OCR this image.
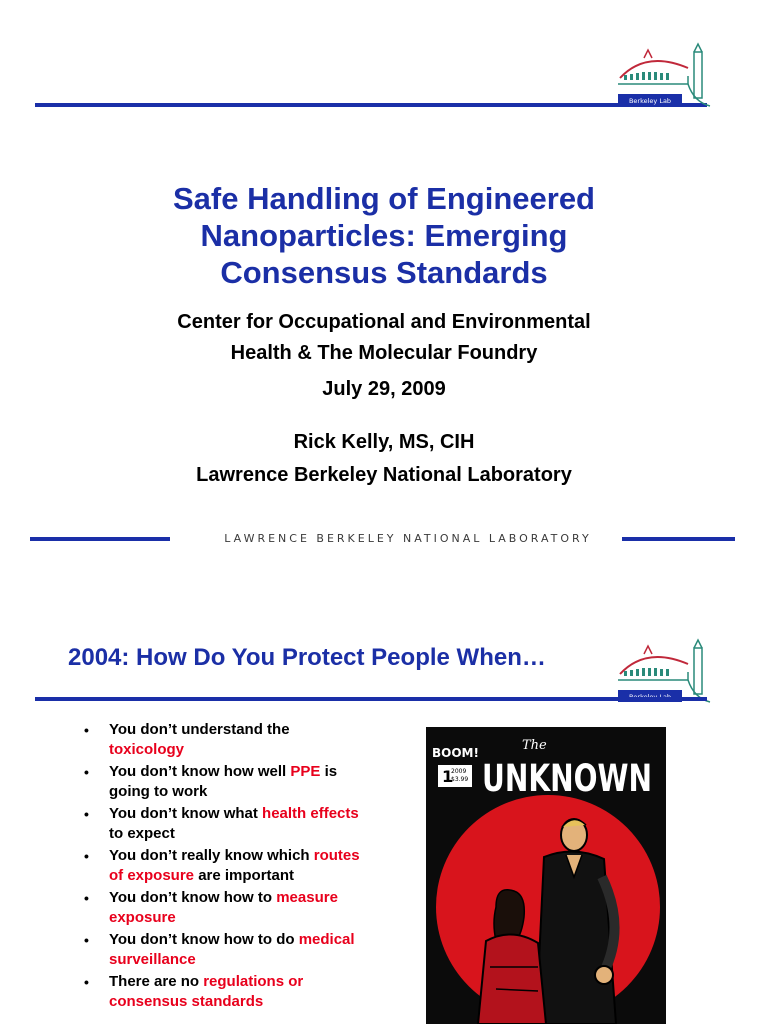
Berkeley Lab
Safe Handling of Engineered
Nanoparticles: Emerging
Consensus Standards
Center for Occupational and Environmental
Health & The Molecular Foundry
July 29, 2009
Rick Kelly, MS, CIH
Lawrence Berkeley National Laboratory
LAWRENCE BERKELEY NATIONAL LABORATORY
2004: How Do You Protect People When…
• You don’t understand the toxicology
• You don’t know how well PPE is going to work
• You don’t know what health effects to expect
• You don’t really know which routes of exposure are important
• You don’t know how to measure exposure
• You don’t know how to do medical surveillance
• There are no regulations or consensus standards
BOOM!	The
UNKNOWN
1
2009
$3.99
